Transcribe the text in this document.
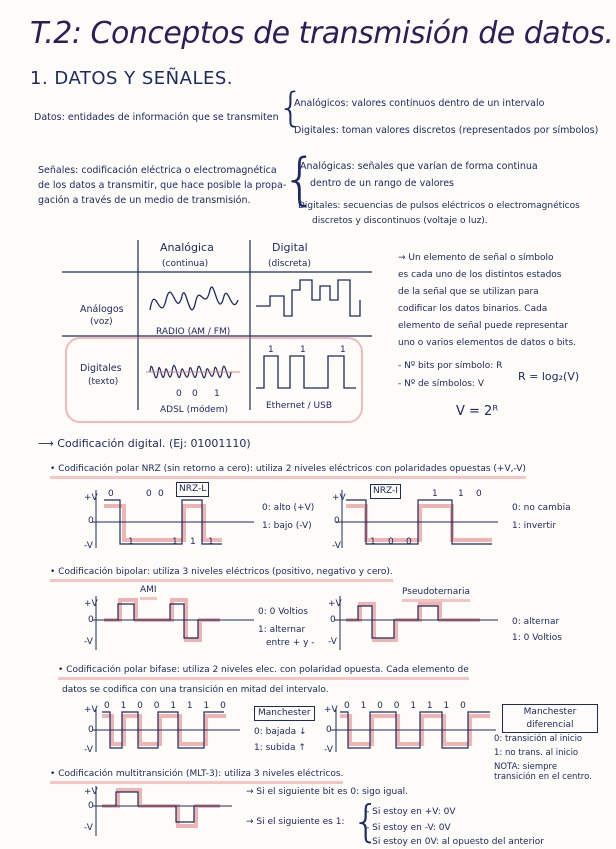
T.2: Conceptos de transmisión de datos.
1. DATOS Y SEÑALES.
Datos: entidades de información que se transmiten {
Analógicos: valores continuos dentro de un intervalo
Digitales: toman valores discretos (representados por símbolos)
Señales: codificación eléctrica o electromagnética
de los datos a transmitir, que hace posible la propa-
gación a través de un medio de transmisión. {
Analógicas: señales que varían de forma continua
dentro de un rango de valores
Digitales: secuencias de pulsos eléctricos o electromagnéticos
discretos y discontinuos (voltaje o luz).
Analógica
(continua)
Digital
(discreta)
Análogos
(voz)
Digitales
(texto)
RADIO (AM / FM)
ADSL (módem)	Ethernet / USB
1	1	1
0 0 1
→ Un elemento de señal o símbolo
es cada uno de los distintos estados
de la señal que se utilizan para
codificar los datos binarios. Cada
elemento de señal puede representar
uno o varios elementos de datos o bits.
- Nº bits por símbolo: R
- Nº de símbolos: V
R = log₂(V)
V = 2ᴿ
⟶ Codificación digital. (Ej: 01001110)
• Codificación polar NRZ (sin retorno a cero): utiliza 2 niveles eléctricos con polaridades opuestas (+V,-V)
+V
0
-V
+V
0
-V
NRZ-L	NRZ-I
0	0 0
1	1 1 1
1 1 0
1 0 0
0: alto (+V)
1: bajo (-V)
0: no cambia
1: invertir
• Codificación bipolar: utiliza 3 niveles eléctricos (positivo, negativo y cero).
+V
0
-V
+V
0
-V
AMI	Pseudoternaria
0: 0 Voltios
1: alternar
entre + y -
0: alternar
1: 0 Voltios
• Codificación polar bifase: utiliza 2 niveles elec. con polaridad opuesta. Cada elemento de
datos se codifica con una transición en mitad del intervalo.
+V
0
-V
+V
0
-V
0 1 0 0 1 1 1 0	0 1 0 0 1 1 1 0
Manchester
0: bajada ↓
1: subida ↑
Manchester diferencial
0: transición al inicio
1: no trans. al inicio
NOTA: siempre transición en el centro.
• Codificación multitransición (MLT-3): utiliza 3 niveles eléctricos.
+V
0
-V
→ Si el siguiente bit es 0: sigo igual.
→ Si el siguiente es 1: {
- Si estoy en +V: 0V
- Si estoy en -V: 0V
- Si estoy en 0V: al opuesto del anterior
